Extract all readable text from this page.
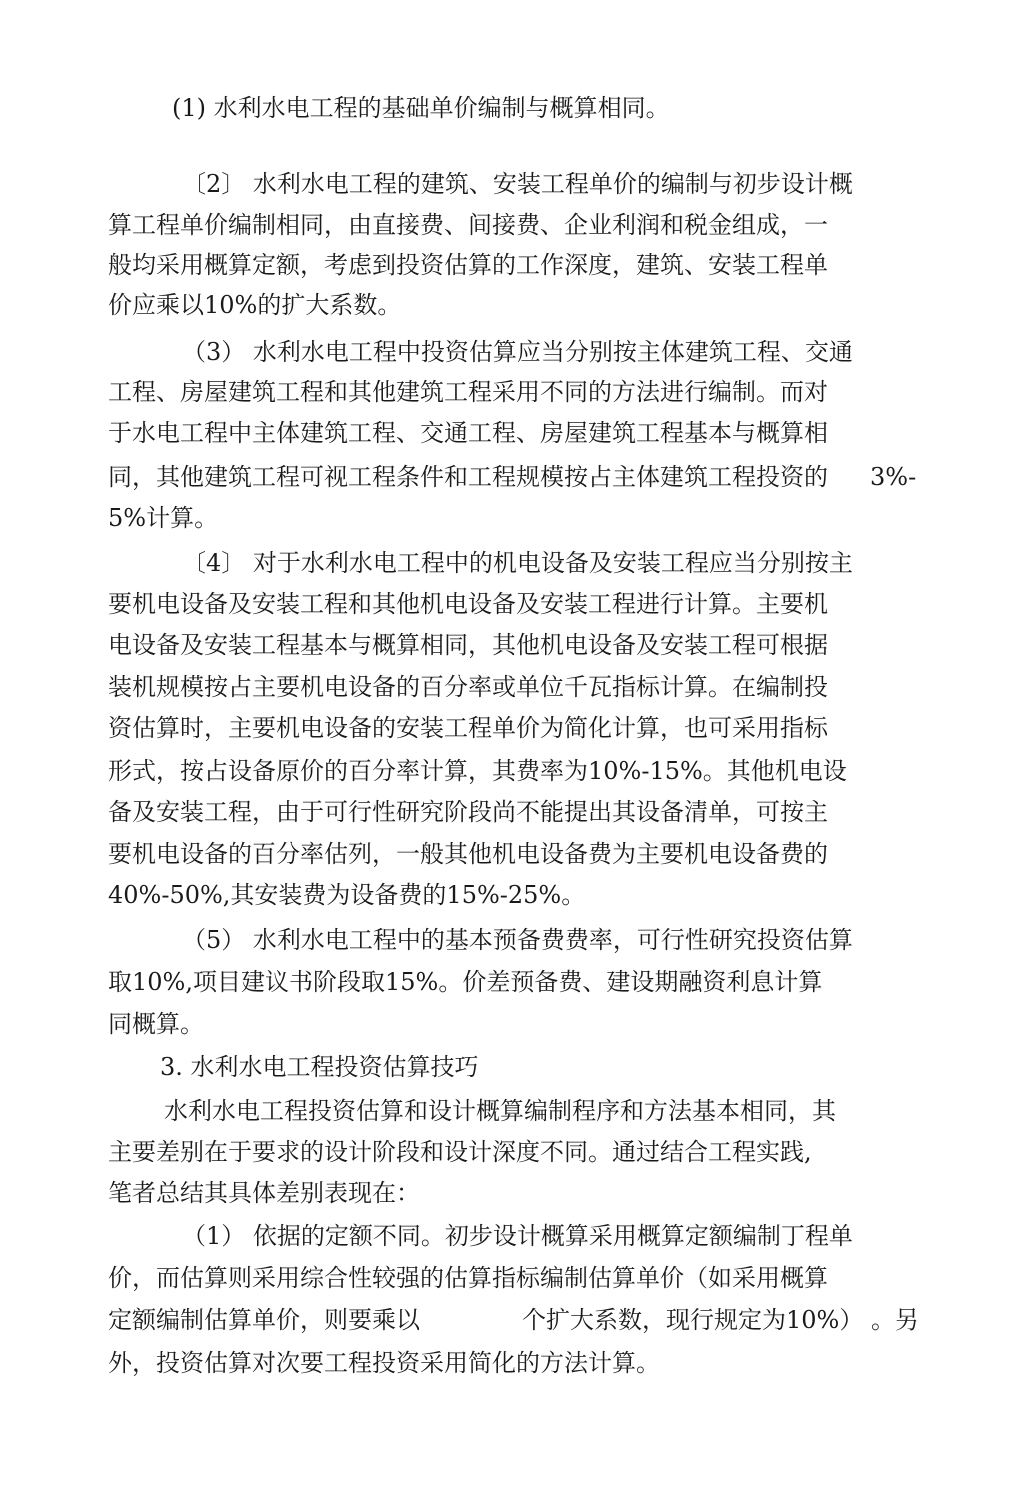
(1) 水利水电工程的基础单价编制与概算相同。

〔2〕 水利水电工程的建筑、安装工程单价的编制与初步设计概

算工程单价编制相同，由直接费、间接费、企业利润和税金组成，一

般均采用概算定额，考虑到投资估算的工作深度，建筑、安装工程单

价应乘以10%的扩大系数。

（3） 水利水电工程中投资估算应当分别按主体建筑工程、交通

工程、房屋建筑工程和其他建筑工程采用不同的方法进行编制。而对

于水电工程中主体建筑工程、交通工程、房屋建筑工程基本与概算相

同，其他建筑工程可视工程条件和工程规模按占主体建筑工程投资的 3%-

5%计算。

〔4〕 对于水利水电工程中的机电设备及安装工程应当分别按主

要机电设备及安装工程和其他机电设备及安装工程进行计算。主要机

电设备及安装工程基本与概算相同，其他机电设备及安装工程可根据

装机规模按占主要机电设备的百分率或单位千瓦指标计算。在编制投

资估算时，主要机电设备的安装工程单价为简化计算，也可采用指标

形式，按占设备原价的百分率计算，其费率为10%-15%。其他机电设

备及安装工程，由于可行性研究阶段尚不能提出其设备清单，可按主

要机电设备的百分率估列，一般其他机电设备费为主要机电设备费的

40%-50%,其安装费为设备费的15%-25%。

（5） 水利水电工程中的基本预备费费率，可行性研究投资估算

取10%,项目建议书阶段取15%。价差预备费、建设期融资利息计算

同概算。

3. 水利水电工程投资估算技巧

水利水电工程投资估算和设计概算编制程序和方法基本相同，其

主要差别在于要求的设计阶段和设计深度不同。通过结合工程实践,

笔者总结其具体差别表现在：

（1） 依据的定额不同。初步设计概算采用概算定额编制丁程单

价，而估算则采用综合性较强的估算指标编制估算单价（如采用概算

定额编制估算单价，则要乘以	个扩大系数，现行规定为10%） 。另

外，投资估算对次要工程投资采用简化的方法计算。
